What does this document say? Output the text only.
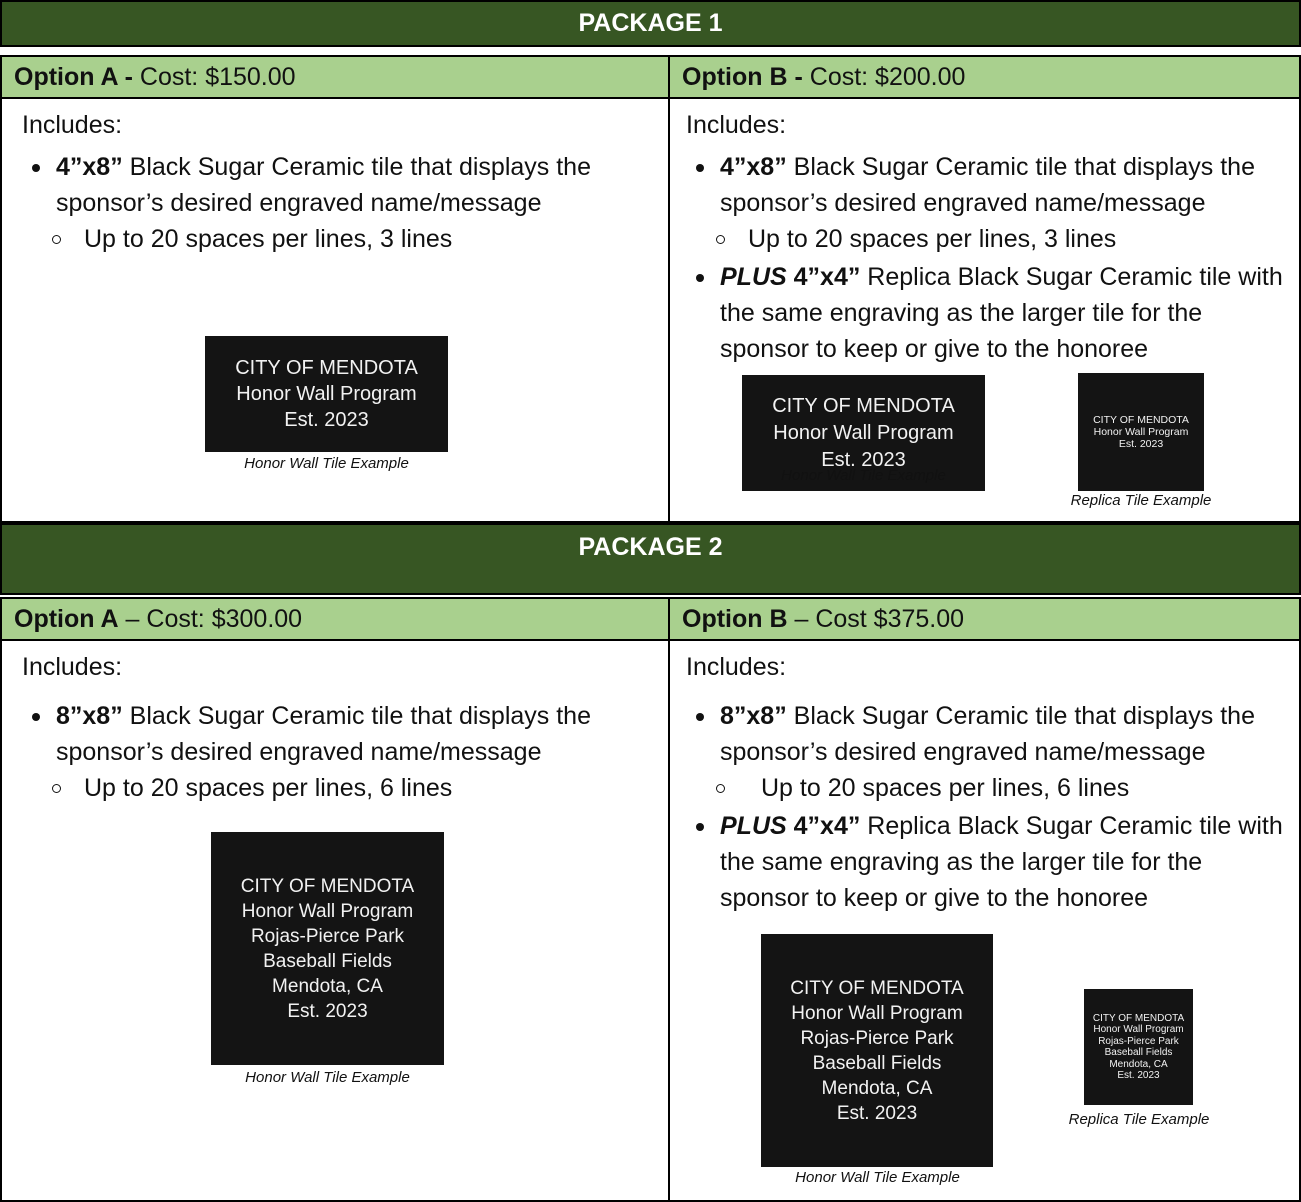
PACKAGE 1
Option A - Cost: $150.00	Option B - Cost: $200.00
Includes:
4”x8” Black Sugar Ceramic tile that displays the sponsor’s desired engraved name/message
Up to 20 spaces per lines, 3 lines
CITY OF MENDOTA
Honor Wall Program
Est. 2023
Honor Wall Tile Example
Includes:
4”x8” Black Sugar Ceramic tile that displays the sponsor’s desired engraved name/message
Up to 20 spaces per lines, 3 lines
PLUS 4”x4” Replica Black Sugar Ceramic tile with the same engraving as the larger tile for the sponsor to keep or give to the honoree
CITY OF MENDOTA
Honor Wall Program
Est. 2023
Honor Wall Tile Example
CITY OF MENDOTA
Honor Wall Program
Est. 2023
Replica Tile Example
PACKAGE 2
Option A – Cost: $300.00	Option B – Cost $375.00
Includes:
8”x8” Black Sugar Ceramic tile that displays the sponsor’s desired engraved name/message
Up to 20 spaces per lines, 6 lines
CITY OF MENDOTA
Honor Wall Program
Rojas-Pierce Park
Baseball Fields
Mendota, CA
Est. 2023
Honor Wall Tile Example
Includes:
8”x8” Black Sugar Ceramic tile that displays the sponsor’s desired engraved name/message
Up to 20 spaces per lines, 6 lines
PLUS 4”x4” Replica Black Sugar Ceramic tile with the same engraving as the larger tile for the sponsor to keep or give to the honoree
CITY OF MENDOTA
Honor Wall Program
Rojas-Pierce Park
Baseball Fields
Mendota, CA
Est. 2023
Honor Wall Tile Example
CITY OF MENDOTA
Honor Wall Program
Rojas-Pierce Park
Baseball Fields
Mendota, CA
Est. 2023
Replica Tile Example
